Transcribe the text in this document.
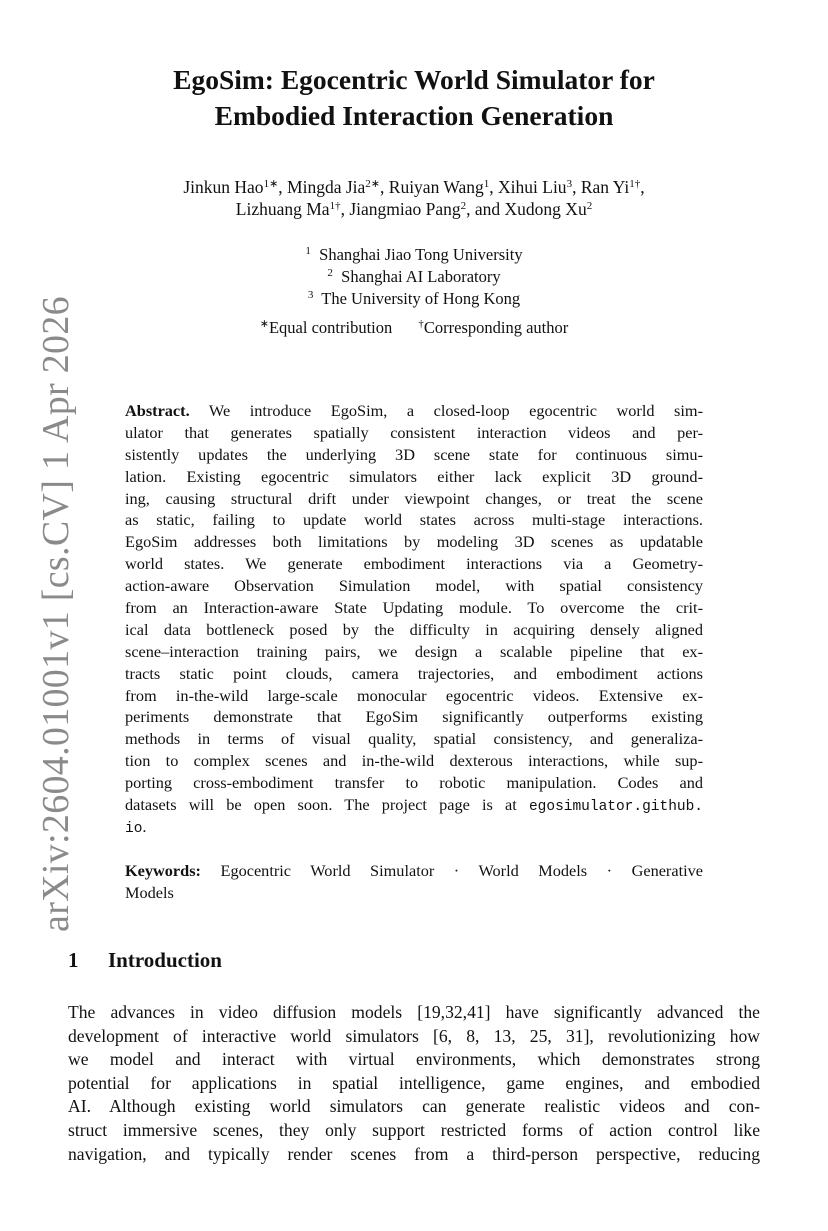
arXiv:2604.01001v1 [cs.CV] 1 Apr 2026
EgoSim: Egocentric World Simulator for
Embodied Interaction Generation
Jinkun Hao$^{1∗}$, Mingda Jia$^{2∗}$, Ruiyan Wang$^1$, Xihui Liu$^3$, Ran $Yi^{1\dagger}$,
Lizhuang $Ma^{1\dagger}$, Jiangmiao Pang$^2$, and Xudong Xu$^2$
$^1$ Shanghai Jiao Tong University
$^2$ Shanghai AI Laboratory
$^3$ The University of Hong Kong
∗Equal contribution †Corresponding author
Abstract. We introduce EgoSim, a closed-loop egocentric world sim-
ulator that generates spatially consistent interaction videos and per-
sistently updates the underlying 3D scene state for continuous simu-
lation. Existing egocentric simulators either lack explicit 3D ground-
ing, causing structural drift under viewpoint changes, or treat the scene
as static, failing to update world states across multi-stage interactions.
EgoSim addresses both limitations by modeling 3D scenes as updatable
world states. We generate embodiment interactions via a Geometry-
action-aware Observation Simulation model, with spatial consistency
from an Interaction-aware State Updating module. To overcome the crit-
ical data bottleneck posed by the difficulty in acquiring densely aligned
scene–interaction training pairs, we design a scalable pipeline that ex-
tracts static point clouds, camera trajectories, and embodiment actions
from in-the-wild large-scale monocular egocentric videos. Extensive ex-
periments demonstrate that EgoSim significantly outperforms existing
methods in terms of visual quality, spatial consistency, and generaliza-
tion to complex scenes and in-the-wild dexterous interactions, while sup-
porting cross-embodiment transfer to robotic manipulation. Codes and
datasets will be open soon. The project page is at egosimulator.github.
io.
Keywords: Egocentric World Simulator · World Models · Generative
Models
1 Introduction
The advances in video diffusion models [19,32,41] have significantly advanced the
development of interactive world simulators [6, 8, 13, 25, 31], revolutionizing how
we model and interact with virtual environments, which demonstrates strong
potential for applications in spatial intelligence, game engines, and embodied
AI. Although existing world simulators can generate realistic videos and con-
struct immersive scenes, they only support restricted forms of action control like
navigation, and typically render scenes from a third-person perspective, reducing
